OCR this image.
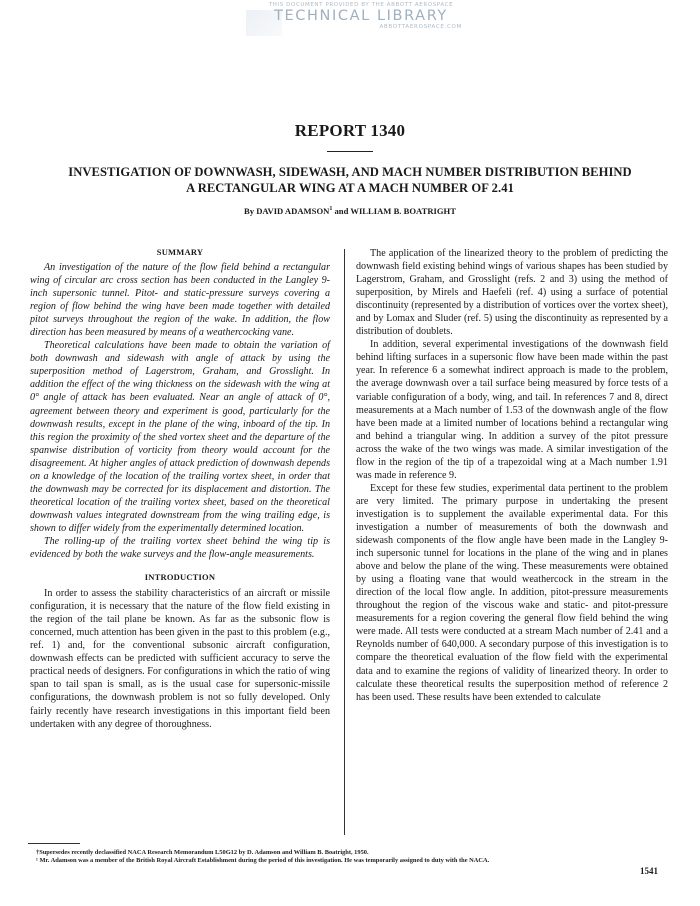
THIS DOCUMENT PROVIDED BY THE ABBOTT AEROSPACE
TECHNICAL LIBRARY
ABBOTTAEROSPACE.COM
REPORT 1340
INVESTIGATION OF DOWNWASH, SIDEWASH, AND MACH NUMBER DISTRIBUTION BEHIND
A RECTANGULAR WING AT A MACH NUMBER OF 2.41
By DAVID ADAMSON$^1$ and WILLIAM B. BOATRIGHT
SUMMARY

An investigation of the nature of the flow field behind a rectangular wing of circular arc cross section has been conducted in the Langley 9-inch supersonic tunnel. Pitot- and static-pressure surveys covering a region of flow behind the wing have been made together with detailed pitot surveys throughout the region of the wake. In addition, the flow direction has been measured by means of a weathercocking vane.

Theoretical calculations have been made to obtain the variation of both downwash and sidewash with angle of attack by using the superposition method of Lagerstrom, Graham, and Grosslight. In addition the effect of the wing thickness on the sidewash with the wing at 0° angle of attack has been evaluated. Near an angle of attack of 0°, agreement between theory and experiment is good, particularly for the downwash results, except in the plane of the wing, inboard of the tip. In this region the proximity of the shed vortex sheet and the departure of the spanwise distribution of vorticity from theory would account for the disagreement. At higher angles of attack prediction of downwash depends on a knowledge of the location of the trailing vortex sheet, in order that the downwash may be corrected for its displacement and distortion. The theoretical location of the trailing vortex sheet, based on the theoretical downwash values integrated downstream from the wing trailing edge, is shown to differ widely from the experimentally determined location.

The rolling-up of the trailing vortex sheet behind the wing tip is evidenced by both the wake surveys and the flow-angle measurements.

INTRODUCTION

In order to assess the stability characteristics of an aircraft or missile configuration, it is necessary that the nature of the flow field existing in the region of the tail plane be known. As far as the subsonic flow is concerned, much attention has been given in the past to this problem (e.g., ref. 1) and, for the conventional subsonic aircraft configuration, downwash effects can be predicted with sufficient accuracy to serve the practical needs of designers. For configurations in which the ratio of wing span to tail span is small, as is the usual case for supersonic-missile configurations, the downwash problem is not so fully developed. Only fairly recently have research investigations in this important field been undertaken with any degree of thoroughness.

The application of the linearized theory to the problem of predicting the downwash field existing behind wings of various shapes has been studied by Lagerstrom, Graham, and Grosslight (refs. 2 and 3) using the method of superposition, by Mirels and Haefeli (ref. 4) using a surface of potential discontinuity (represented by a distribution of vortices over the vortex sheet), and by Lomax and Sluder (ref. 5) using the discontinuity as represented by a distribution of doublets.

In addition, several experimental investigations of the downwash field behind lifting surfaces in a supersonic flow have been made within the past year. In reference 6 a somewhat indirect approach is made to the problem, the average downwash over a tail surface being measured by force tests of a variable configuration of a body, wing, and tail. In references 7 and 8, direct measurements at a Mach number of 1.53 of the downwash angle of the flow have been made at a limited number of locations behind a rectangular wing and behind a triangular wing. In addition a survey of the pitot pressure across the wake of the two wings was made. A similar investigation of the flow in the region of the tip of a trapezoidal wing at a Mach number 1.91 was made in reference 9.

Except for these few studies, experimental data pertinent to the problem are very limited. The primary purpose in undertaking the present investigation is to supplement the available experimental data. For this investigation a number of measurements of both the downwash and sidewash components of the flow angle have been made in the Langley 9-inch supersonic tunnel for locations in the plane of the wing and in planes above and below the plane of the wing. These measurements were obtained by using a floating vane that would weathercock in the stream in the direction of the local flow angle. In addition, pitot-pressure measurements throughout the region of the viscous wake and static- and pitot-pressure measurements for a region covering the general flow field behind the wing were made. All tests were conducted at a stream Mach number of 2.41 and a Reynolds number of 640,000. A secondary purpose of this investigation is to compare the theoretical evaluation of the flow field with the experimental data and to examine the regions of validity of linearized theory. In order to calculate these theoretical results the superposition method of reference 2 has been used. These results have been extended to calculate

†Supersedes recently declassified NACA Research Memorandum L50G12 by D. Adamson and William B. Boatright, 1950.

¹ Mr. Adamson was a member of the British Royal Aircraft Establishment during the period of this investigation. He was temporarily assigned to duty with the NACA.

1541
